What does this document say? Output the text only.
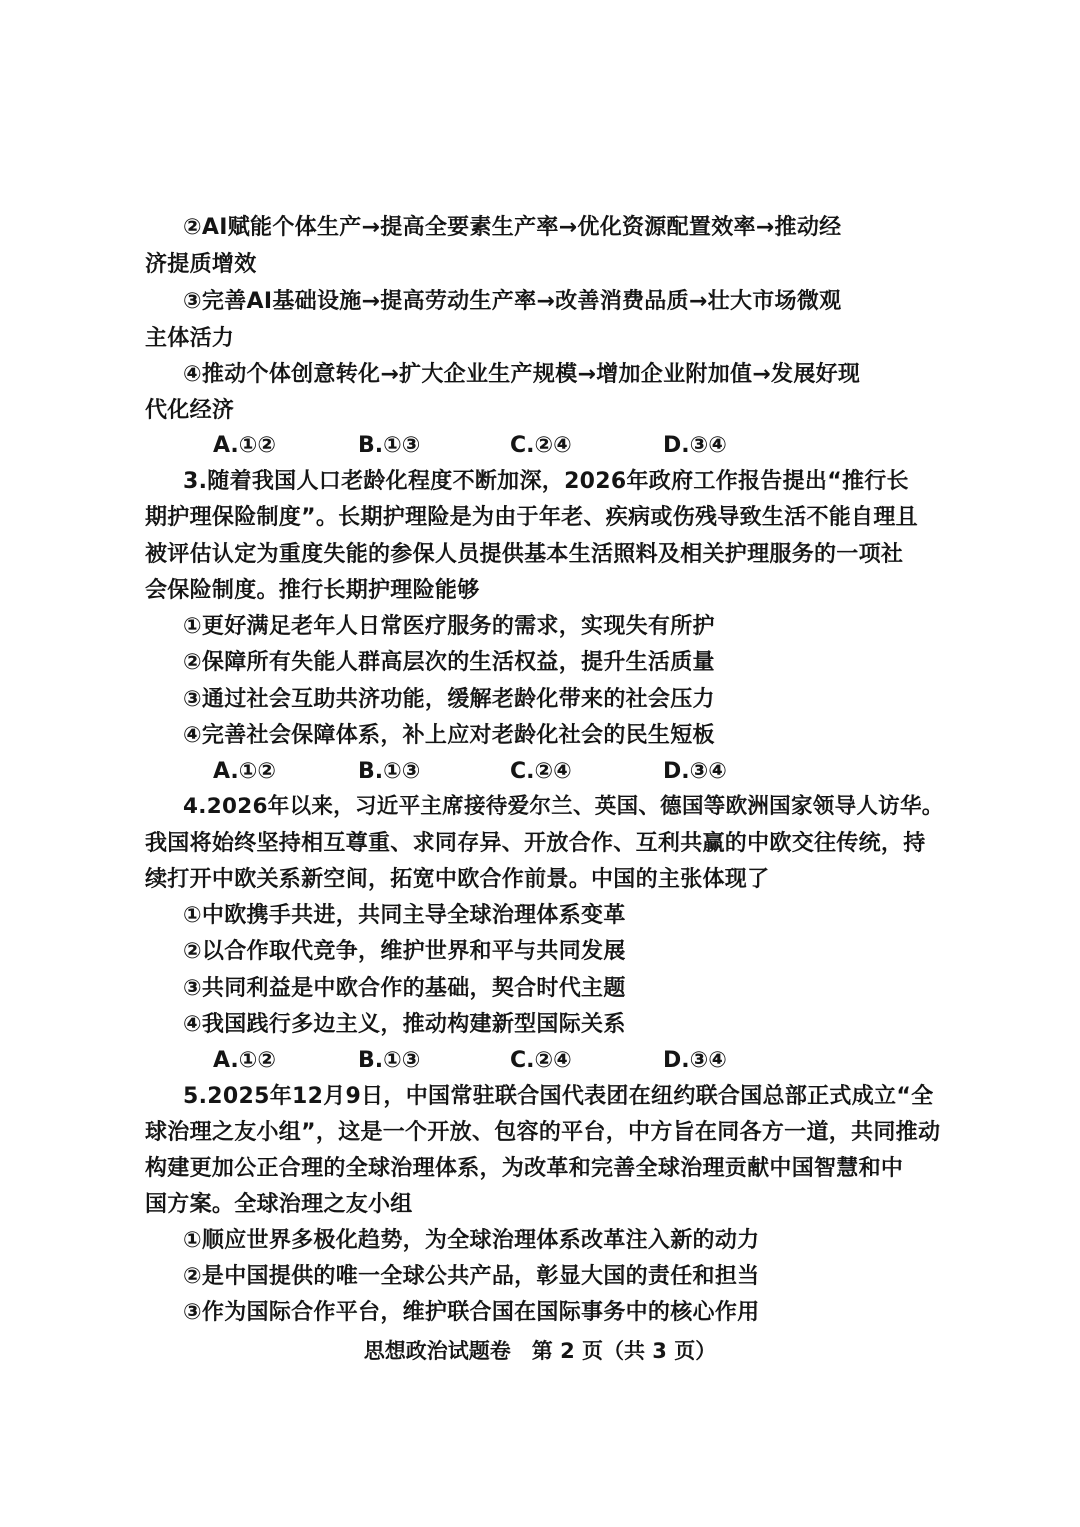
②AI赋能个体生产→提高全要素生产率→优化资源配置效率→推动经
济提质增效
③完善AI基础设施→提高劳动生产率→改善消费品质→壮大市场微观
主体活力
④推动个体创意转化→扩大企业生产规模→增加企业附加值→发展好现
代化经济
A.①②	B.①③	C.②④	D.③④
3.随着我国人口老龄化程度不断加深，2026年政府工作报告提出“推行长
期护理保险制度”。长期护理险是为由于年老、疾病或伤残导致生活不能自理且
被评估认定为重度失能的参保人员提供基本生活照料及相关护理服务的一项社
会保险制度。推行长期护理险能够
①更好满足老年人日常医疗服务的需求，实现失有所护
②保障所有失能人群高层次的生活权益，提升生活质量
③通过社会互助共济功能，缓解老龄化带来的社会压力
④完善社会保障体系，补上应对老龄化社会的民生短板
A.①②	B.①③	C.②④	D.③④
4.2026年以来，习近平主席接待爱尔兰、英国、德国等欧洲国家领导人访华。
我国将始终坚持相互尊重、求同存异、开放合作、互利共赢的中欧交往传统，持
续打开中欧关系新空间，拓宽中欧合作前景。中国的主张体现了
①中欧携手共进，共同主导全球治理体系变革
②以合作取代竞争，维护世界和平与共同发展
③共同利益是中欧合作的基础，契合时代主题
④我国践行多边主义，推动构建新型国际关系
A.①②	B.①③	C.②④	D.③④
5.2025年12月9日，中国常驻联合国代表团在纽约联合国总部正式成立“全
球治理之友小组”，这是一个开放、包容的平台，中方旨在同各方一道，共同推动
构建更加公正合理的全球治理体系，为改革和完善全球治理贡献中国智慧和中
国方案。全球治理之友小组
①顺应世界多极化趋势，为全球治理体系改革注入新的动力
②是中国提供的唯一全球公共产品，彰显大国的责任和担当
③作为国际合作平台，维护联合国在国际事务中的核心作用
思想政治试题卷　第 2 页（共 3 页）
